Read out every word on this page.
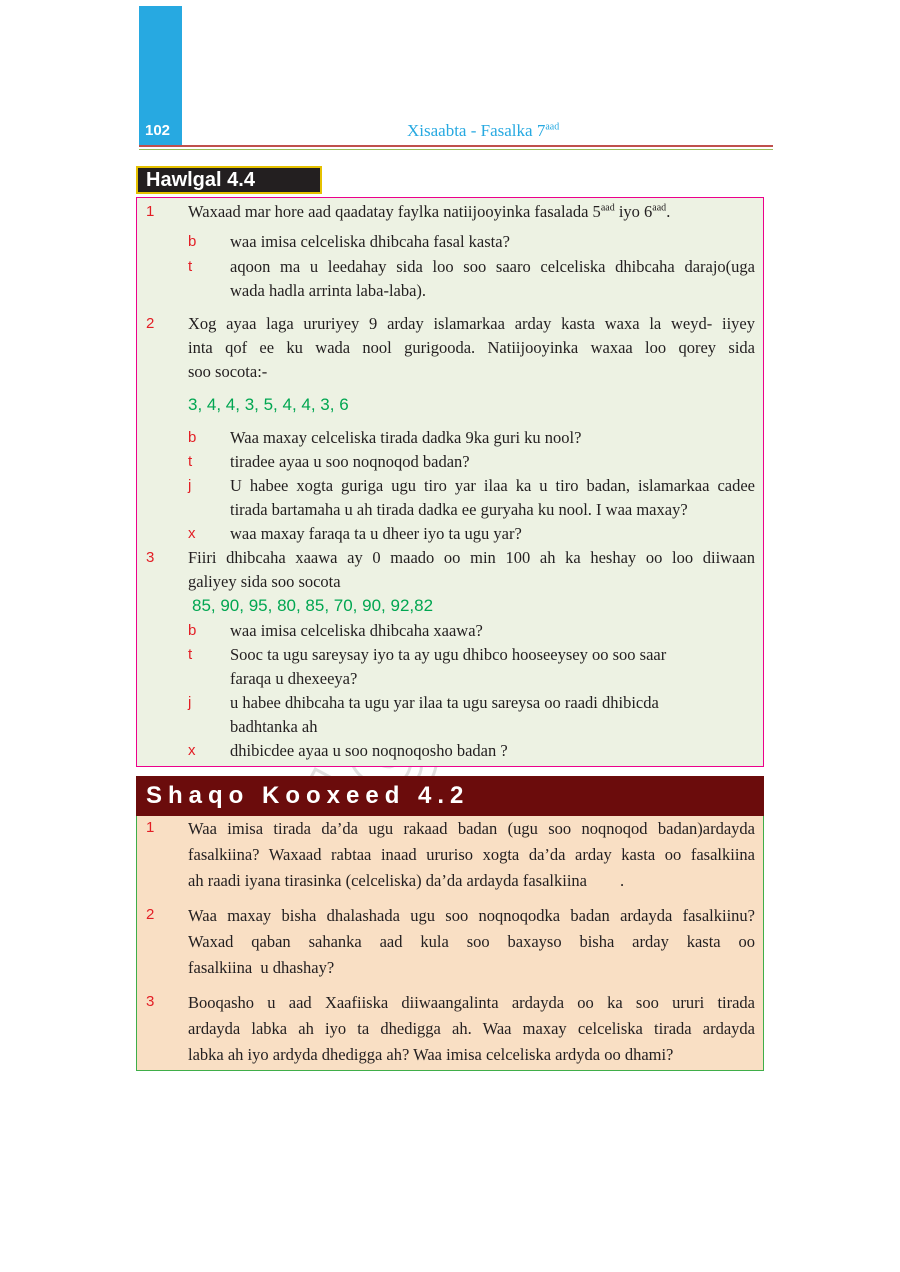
102	Xisaabta - Fasalka $7^{aad}$
Hawlgal 4.4
1 Waxaad mar hore aad qaadatay faylka natiijooyinka fasalada $5^{aad}$ iyo $6^{aad}$.
b waa imisa celceliska dhibcaha fasal kasta?
t aqoon ma u leedahay sida loo soo saaro celceliska dhibcaha darajo(uga
wada hadla arrinta laba-laba).
2 Xog ayaa laga ururiyey 9 arday islamarkaa arday kasta waxa la weyd- iiyey
inta qof ee ku wada nool gurigooda. Natiijooyinka waxaa loo qorey sida
soo socota:-
3, 4, 4, 3, 5, 4, 4, 3, 6
b Waa maxay celceliska tirada dadka 9ka guri ku nool?
t tiradee ayaa u soo noqnoqod badan?
j U habee xogta guriga ugu tiro yar ilaa ka u tiro badan, islamarkaa cadee
tirada bartamaha u ah tirada dadka ee guryaha ku nool. I waa maxay?
x waa maxay faraqa ta u dheer iyo ta ugu yar?
3 Fiiri dhibcaha xaawa ay 0 maado oo min 100 ah ka heshay oo loo diiwaan
galiyey sida soo socota
85, 90, 95, 80, 85, 70, 90, 92,82
b waa imisa celceliska dhibcaha xaawa?
t Sooc ta ugu sareysay iyo ta ay ugu dhibco hooseeysey oo soo saar
faraqa u dhexeeya?
j u habee dhibcaha ta ugu yar ilaa ta ugu sareysa oo raadi dhibicda
badhtanka ah
x dhibicdee ayaa u soo noqnoqosho badan ?
Shaqo Kooxeed 4.2
1 Waa imisa tirada da’da ugu rakaad badan (ugu soo noqnoqod badan)ardayda
fasalkiina? Waxaad rabtaa inaad ururiso xogta da’da arday kasta oo fasalkiina
ah raadi iyana tirasinka (celceliska) da’da ardayda fasalkiina        .
2 Waa maxay bisha dhalashada ugu soo noqnoqodka badan ardayda fasalkiinu?
Waxad qaban sahanka aad kula soo baxayso bisha arday kasta oo
fasalkiina  u dhashay?
3 Booqasho u aad Xaafiiska diiwaangalinta ardayda oo ka soo ururi tirada
ardayda labka ah iyo ta dhedigga ah. Waa maxay celceliska tirada ardayda
labka ah iyo ardyda dhedigga ah? Waa imisa celceliska ardyda oo dhami?
